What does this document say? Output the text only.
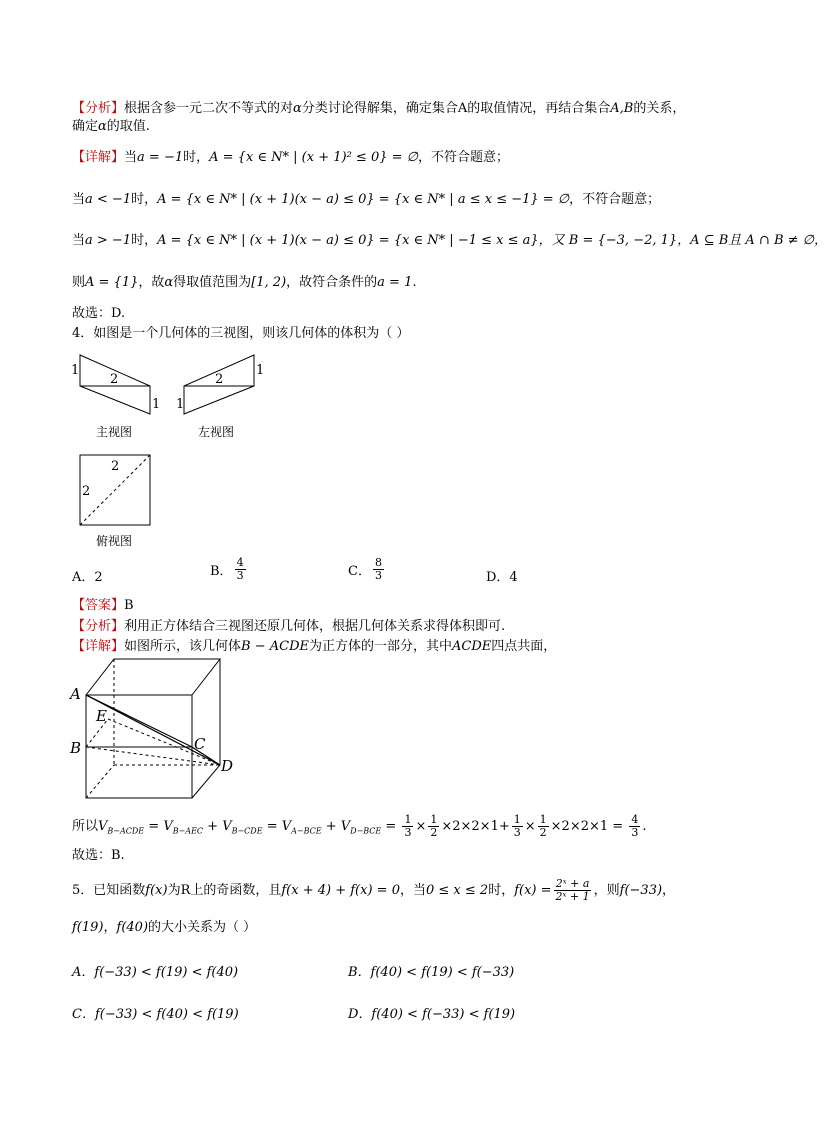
【分析】根据含参一元二次不等式的对α分类讨论得解集，确定集合A的取值情况，再结合集合A,B的关系，
确定α的取值.
【详解】当a = −1时，A = {x ∈ N* | (x + 1)² ≤ 0} = ∅，不符合题意；
当a < −1时，A = {x ∈ N* | (x + 1)(x − a) ≤ 0} = {x ∈ N* | a ≤ x ≤ −1} = ∅，不符合题意；
当a > −1时，A = {x ∈ N* | (x + 1)(x − a) ≤ 0} = {x ∈ N* | −1 ≤ x ≤ a}，又 B = {−3, −2, 1}，A ⊆ B且 A ∩ B ≠ ∅，
则A = {1}，故α得取值范围为[1, 2)，故符合条件的a = 1.
故选：D.
4．如图是一个几何体的三视图，则该几何体的体积为（ ）
1
2
1
主视图
2
1
1
左视图
2
2
俯视图
A．2	B． $\frac{4}{3}$	C． $\frac{8}{3}$	D．4
【答案】B
【分析】利用正方体结合三视图还原几何体，根据几何体关系求得体积即可.
【详解】如图所示，该几何体B − ACDE为正方体的一部分，其中ACDE四点共面，
A
E
B	C
D
所以$V_{B-ACDE} = V_{B-AEC} + V_{B-CDE} = V_{A-BCE} + V_{D-BCE} = \frac{1}{3} \times \frac{1}{2} \times 2\times 2\times 1+ \frac{1}{3} \times \frac{1}{2} \times 2\times 2\times 1 = \frac{4}{3}$ .
故选：B.
5．已知函数f(x)为R上的奇函数，且f(x + 4) + f(x) = 0，当0 ≤ x ≤ 2时，$f(x) = \frac{\text{2ˣ + a}}{\text{2ˣ + 1}}$ ，则f(−33)，
f(19)，f(40)的大小关系为（ ）
A．f(−33) < f(19) < f(40)	B．f(40) < f(19) < f(−33)
C．f(−33) < f(40) < f(19)	D．f(40) < f(−33) < f(19)
